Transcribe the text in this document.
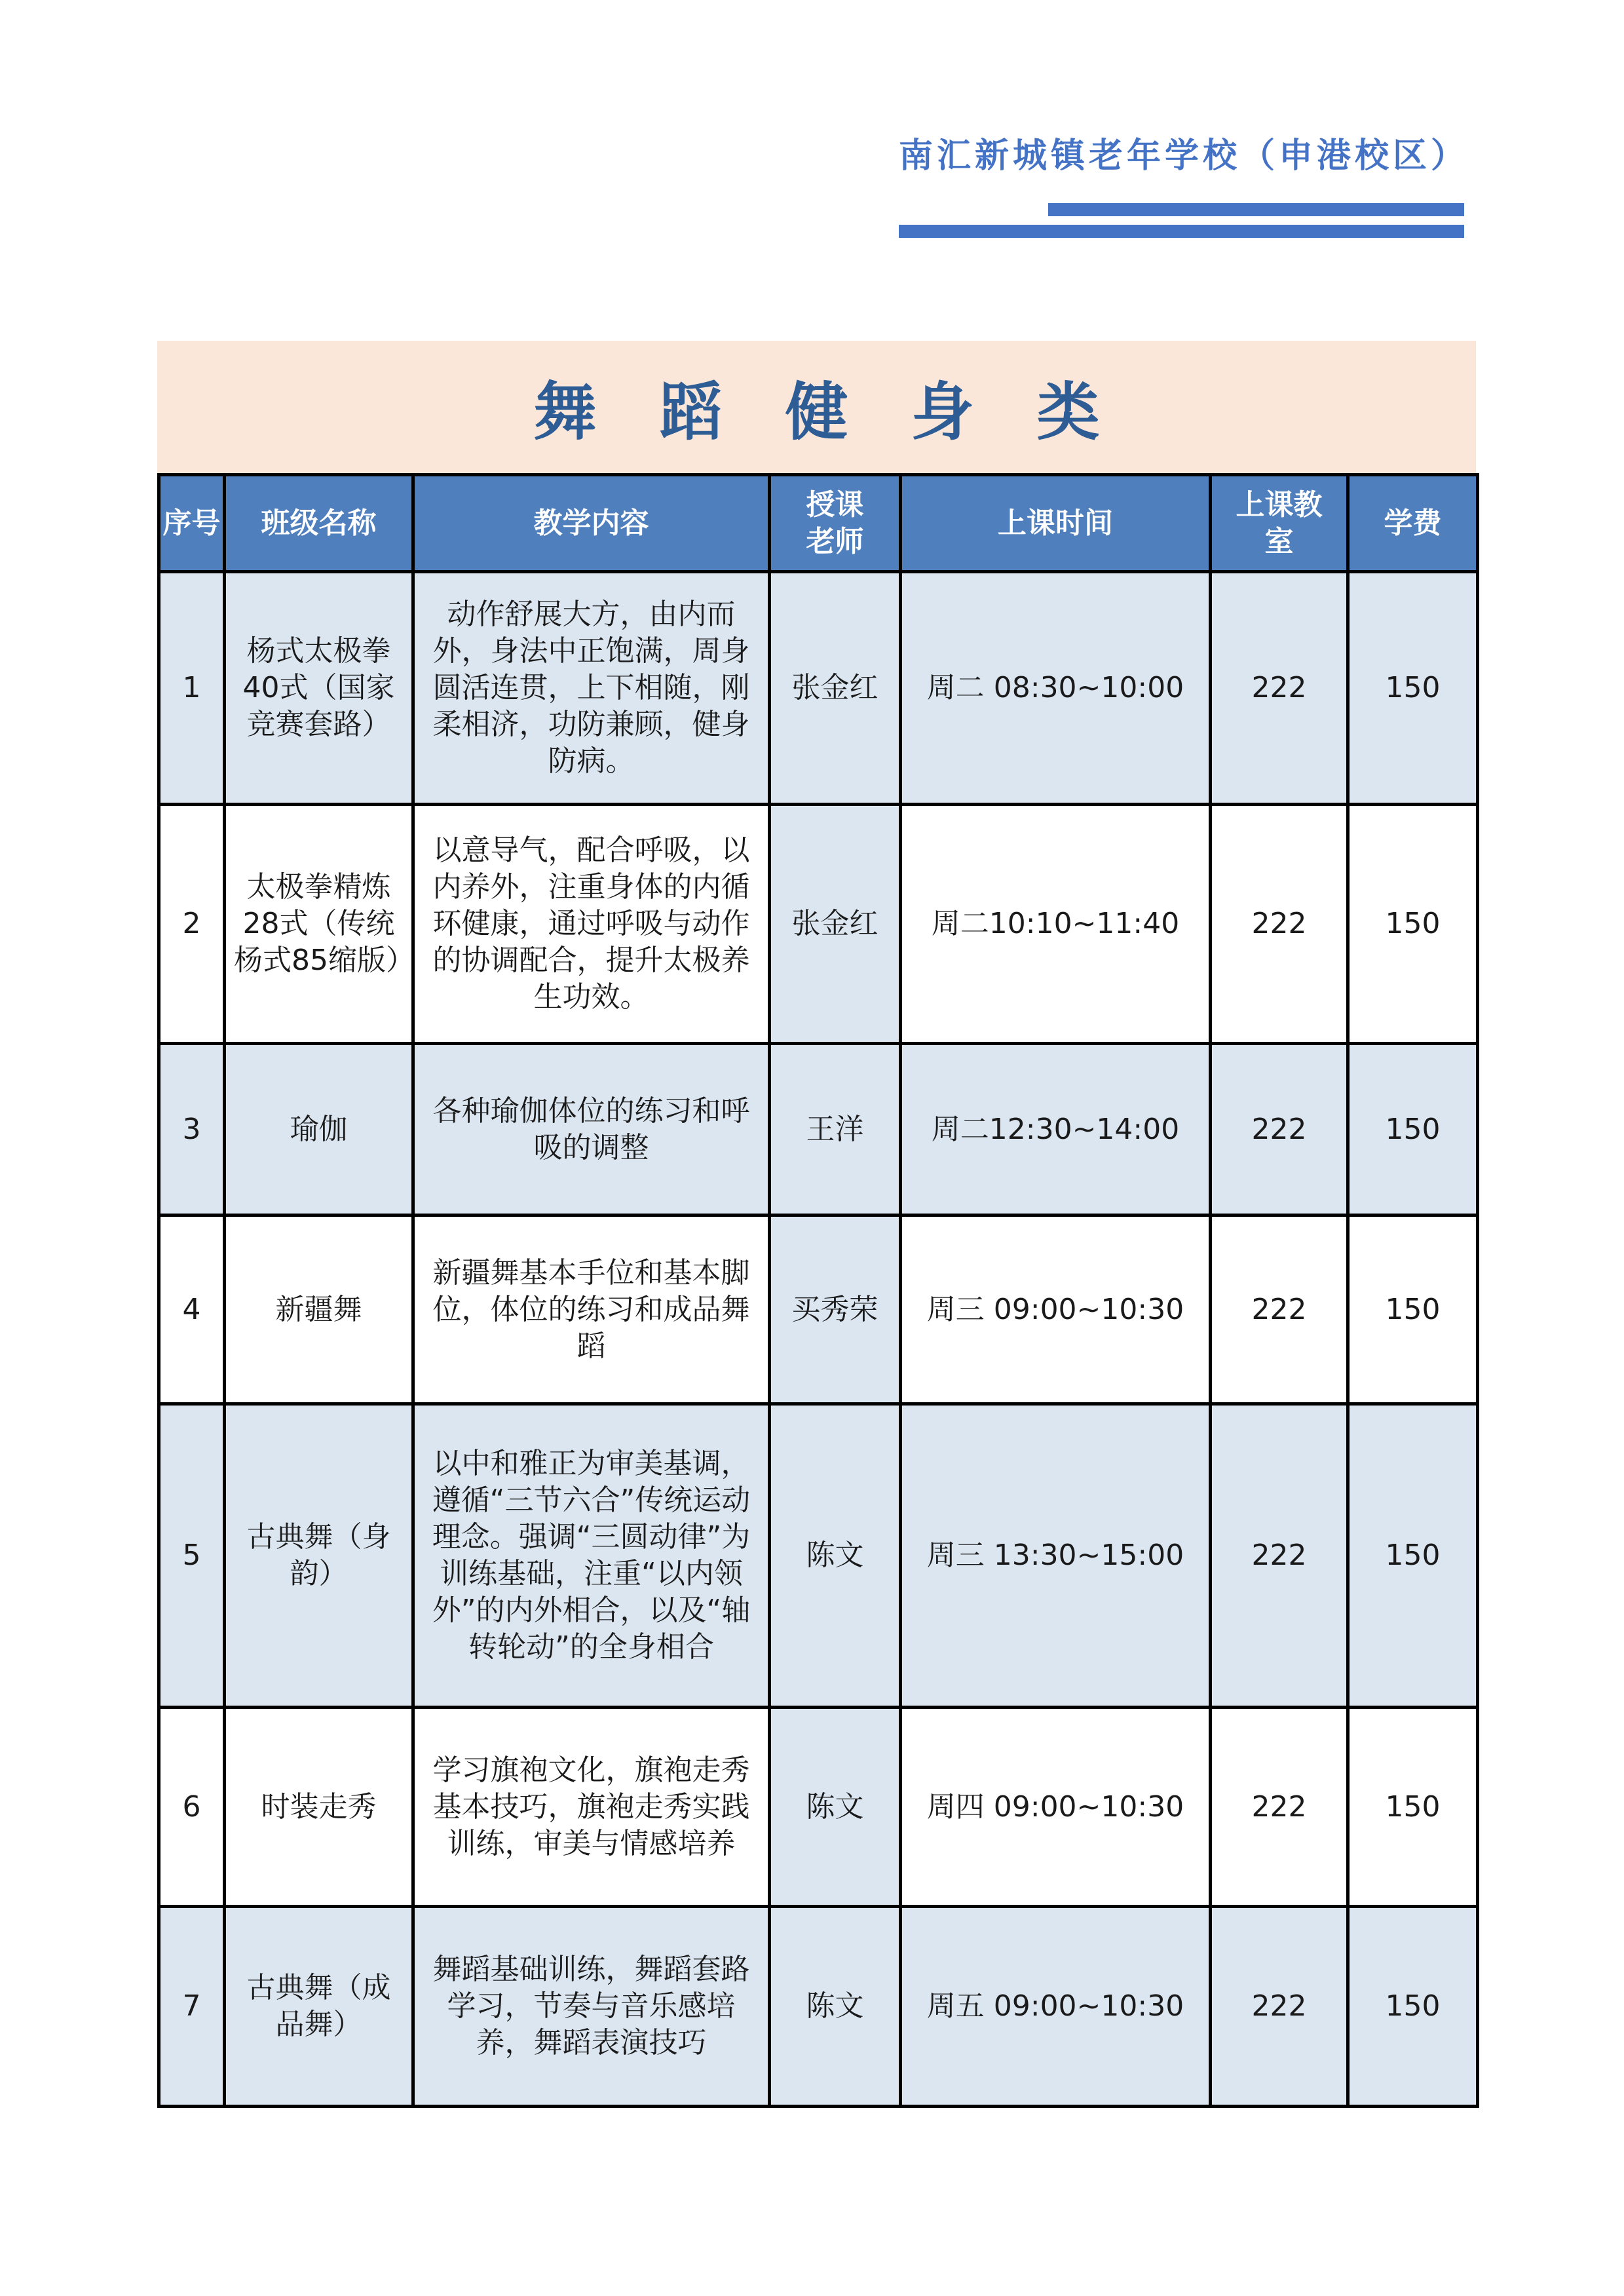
南汇新城镇老年学校（申港校区）
舞蹈健身类
序号	班级名称	教学内容	授课老师	上课时间	上课教室	学费
1	杨式太极拳40式（国家竞赛套路）	动作舒展大方，由内而外，身法中正饱满，周身圆活连贯，上下相随，刚柔相济，功防兼顾，健身防病。	张金红	周二 08:30~10:00	222	150
2	太极拳精炼28式（传统杨式85缩版）	以意导气，配合呼吸，以内养外，注重身体的内循环健康，通过呼吸与动作的协调配合，提升太极养生功效。	张金红	周二10:10~11:40	222	150
3	瑜伽	各种瑜伽体位的练习和呼吸的调整	王洋	周二12:30~14:00	222	150
4	新疆舞	新疆舞基本手位和基本脚位，体位的练习和成品舞蹈	买秀荣	周三 09:00~10:30	222	150
5	古典舞（身韵）	以中和雅正为审美基调，遵循“三节六合”传统运动理念。强调“三圆动律”为训练基础，注重“以内领外”的内外相合，以及“轴转轮动”的全身相合	陈文	周三 13:30~15:00	222	150
6	时装走秀	学习旗袍文化，旗袍走秀基本技巧，旗袍走秀实践训练，审美与情感培养	陈文	周四 09:00~10:30	222	150
7	古典舞（成品舞）	舞蹈基础训练，舞蹈套路学习，节奏与音乐感培养，舞蹈表演技巧	陈文	周五 09:00~10:30	222	150
